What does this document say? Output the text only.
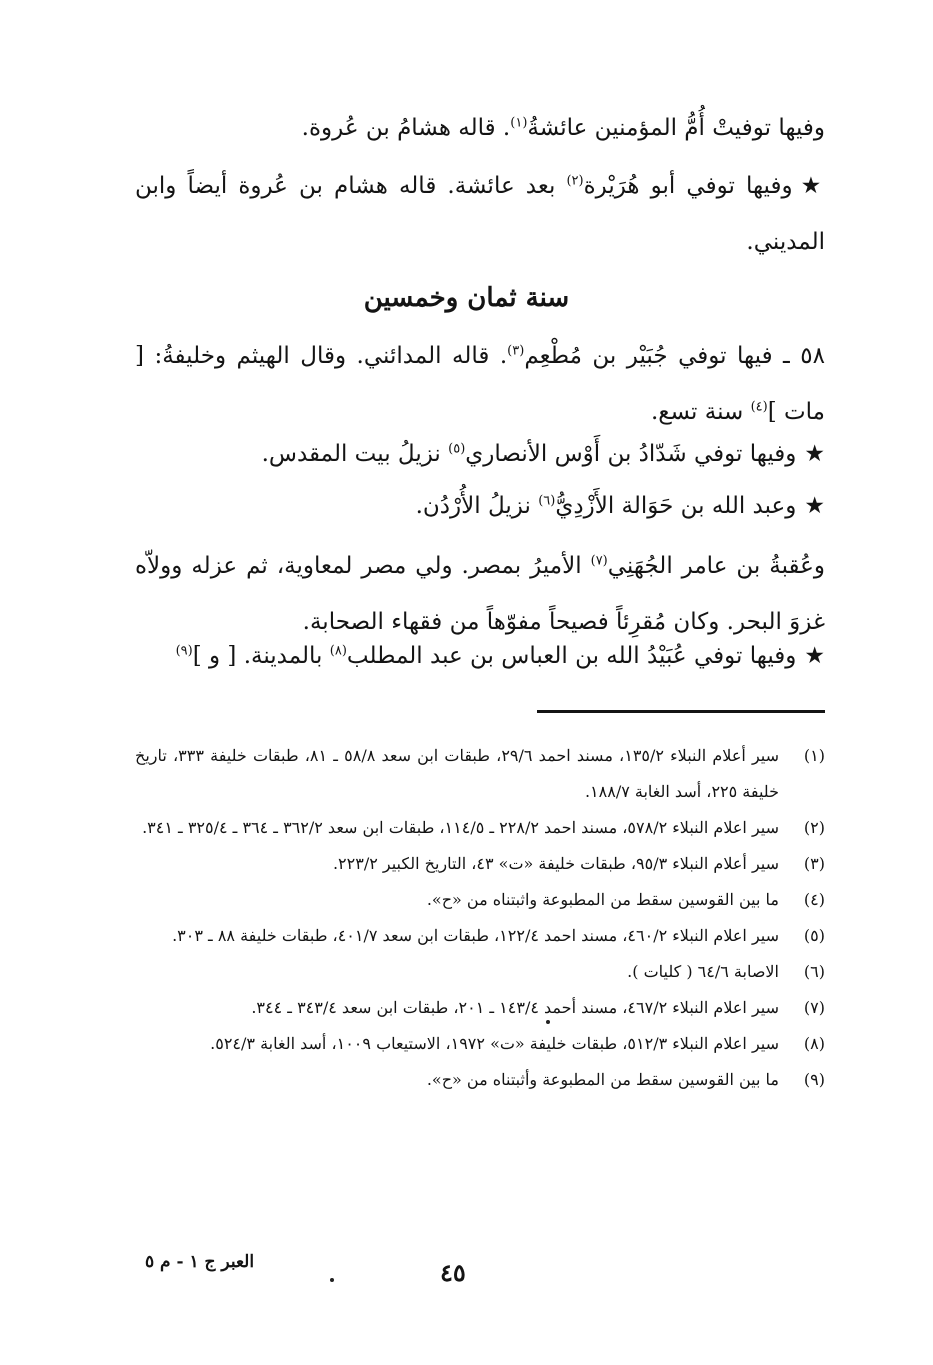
وفيها توفيتْ أُمُّ المؤمنين عائشةُ$^{(١)}$. قاله هشامُ بن عُروة.
★وفيها توفي أبو هُرَيْرة$^{(٢)}$ بعد عائشة. قاله هشام بن عُروة أيضاً وابن المديني.
سنة ثمان وخمسين
٥٨ ـ فيها توفي جُبَيْر بن مُطْعِم$^{(٣)}$. قاله المدائني. وقال الهيثم وخليفةُ: [ مات ]$^{(٤)}$ سنة تسع.
★وفيها توفي شَدّادُ بن أَوْس الأنصاري$^{(٥)}$ نزيلُ بيت المقدس.
★وعبد الله بن حَوَالة الأَزْدِيُّ$^{(٦)}$ نزيلُ الأُرْدُن.
وعُقبةُ بن عامر الجُهَنِي$^{(٧)}$ الأميرُ بمصر. ولي مصر لمعاوية، ثم عزله وولاّه غزوَ البحر. وكان مُقرِئاً فصيحاً مفوّهاً من فقهاء الصحابة.
★وفيها توفي عُبَيْدُ الله بن العباس بن عبد المطلب$^{(٨)}$ بالمدينة. [ و ]$^{(٩)}$
(١)
سير أعلام النبلاء ١٣٥/٢، مسند احمد ٢٩/٦، طبقات ابن سعد ٥٨/٨ ـ ٨١، طبقات خليفة ٣٣٣، تاريخ خليفة ٢٢٥، أسد الغابة ١٨٨/٧.
(٢)
سير اعلام النبلاء ٥٧٨/٢، مسند احمد ٢٢٨/٢ ـ ١١٤/٥، طبقات ابن سعد ٣٦٢/٢ ـ ٣٦٤ ـ ٣٢٥/٤ ـ ٣٤١.
(٣)
سير أعلام النبلاء ٩٥/٣، طبقات خليفة «ت» ٤٣، التاريخ الكبير ٢٢٣/٢.
(٤)
ما بين القوسين سقط من المطبوعة واثبتناه من «ح».
(٥)
سير اعلام النبلاء ٤٦٠/٢، مسند احمد ١٢٢/٤، طبقات ابن سعد ٤٠١/٧، طبقات خليفة ٨٨ ـ ٣٠٣.
(٦)
الاصابة ٦٤/٦ ( كليات ).
(٧)
سير اعلام النبلاء ٤٦٧/٢، مسند أحمد ١٤٣/٤ ـ ٢٠١، طبقات ابن سعد ٣٤٣/٤ ـ ٣٤٤.
(٨)
سير اعلام النبلاء ٥١٢/٣، طبقات خليفة «ت» ١٩٧٢، الاستيعاب ١٠٠٩، أسد الغابة ٥٢٤/٣.
(٩)
ما بين القوسين سقط من المطبوعة وأثبتناه من «ح».
العبر ج ١ - م ٥	٤٥
